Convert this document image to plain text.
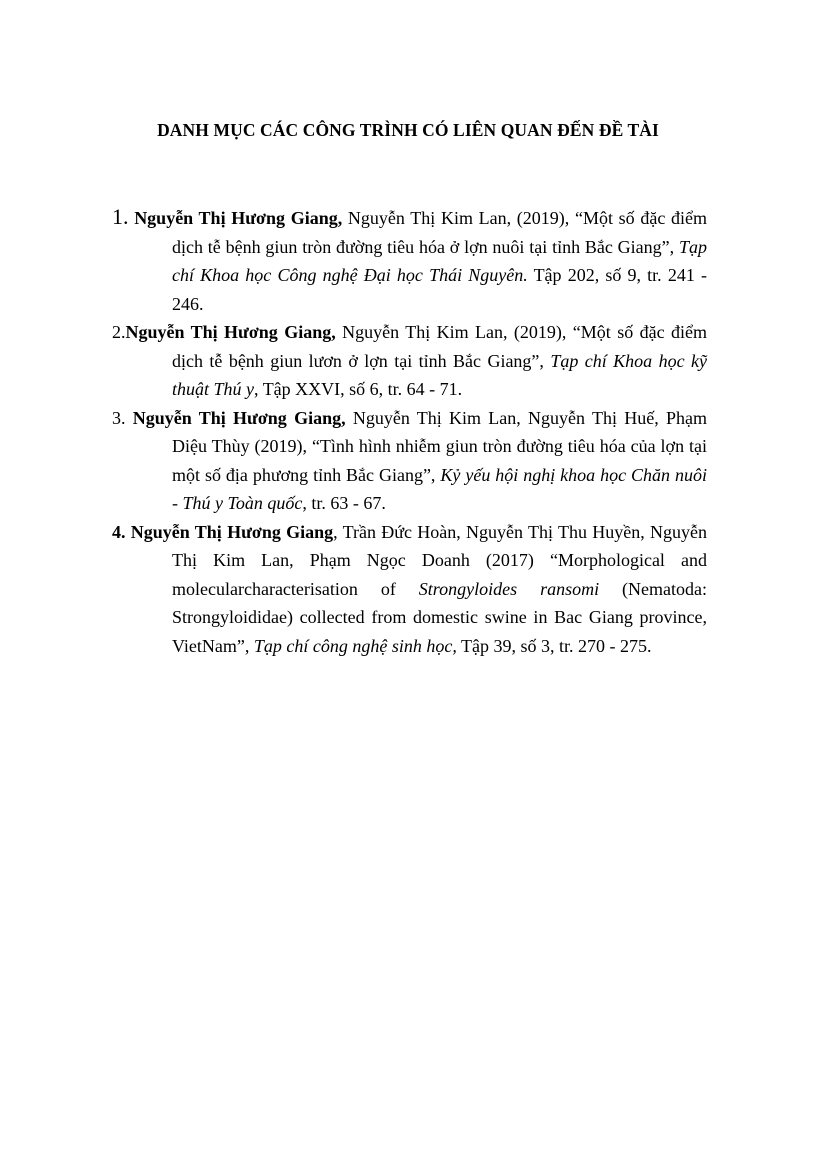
DANH MỤC CÁC CÔNG TRÌNH CÓ LIÊN QUAN ĐẾN ĐỀ TÀI

1. Nguyễn Thị Hương Giang, Nguyễn Thị Kim Lan, (2019), “Một số đặc điểm dịch tễ bệnh giun tròn đường tiêu hóa ở lợn nuôi tại tỉnh Bắc Giang”, Tạp chí Khoa học Công nghệ Đại học Thái Nguyên. Tập 202, số 9, tr. 241 - 246.

2.Nguyễn Thị Hương Giang, Nguyễn Thị Kim Lan, (2019), “Một số đặc điểm dịch tễ bệnh giun lươn ở lợn tại tỉnh Bắc Giang”, Tạp chí Khoa học kỹ thuật Thú y, Tập XXVI, số 6, tr. 64 - 71.

3. Nguyễn Thị Hương Giang, Nguyễn Thị Kim Lan, Nguyễn Thị Huế, Phạm Diệu Thùy (2019), “Tình hình nhiễm giun tròn đường tiêu hóa của lợn tại một số địa phương tỉnh Bắc Giang”, Kỷ yếu hội nghị khoa học Chăn nuôi - Thú y Toàn quốc, tr. 63 - 67.

4. Nguyễn Thị Hương Giang, Trần Đức Hoàn, Nguyễn Thị Thu Huyền, Nguyễn Thị Kim Lan, Phạm Ngọc Doanh (2017) “Morphological and molecularcharacterisation of Strongyloides ransomi (Nematoda: Strongyloididae) collected from domestic swine in Bac Giang province, VietNam”, Tạp chí công nghệ sinh học, Tập 39, số 3, tr. 270 - 275.
